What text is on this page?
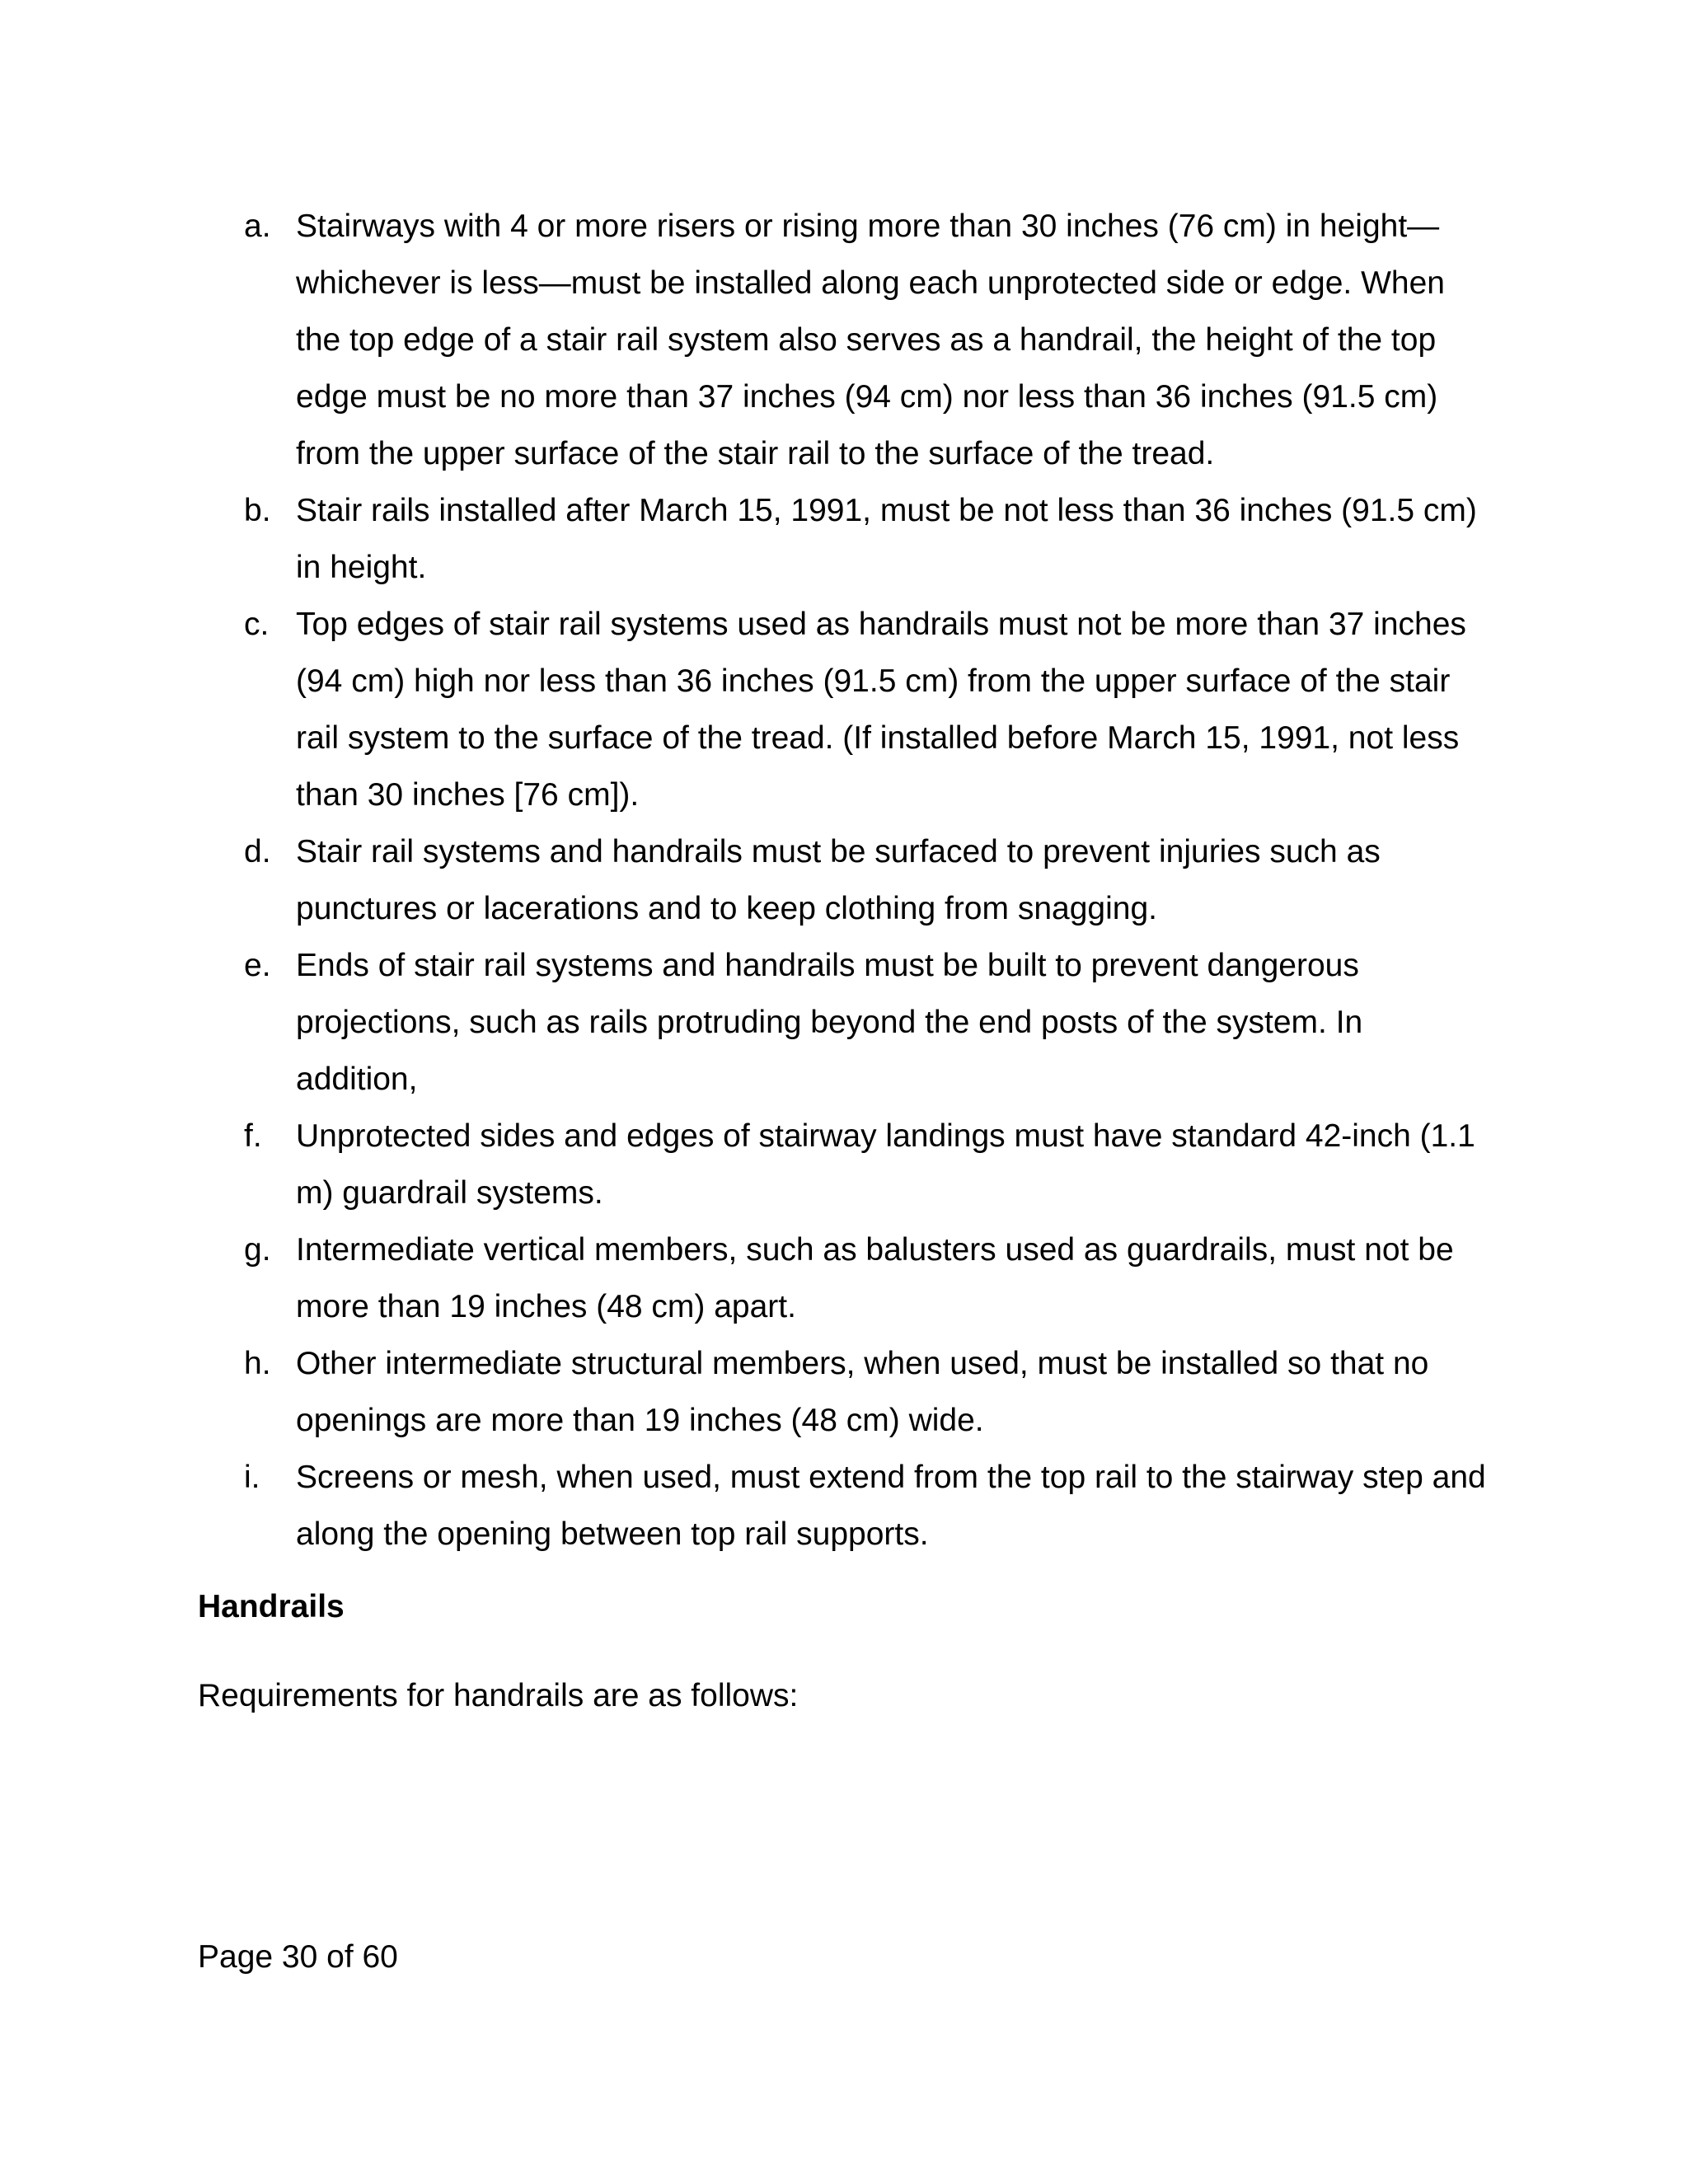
a. Stairways with 4 or more risers or rising more than 30 inches (76 cm) in height—whichever is less—must be installed along each unprotected side or edge. When the top edge of a stair rail system also serves as a handrail, the height of the top edge must be no more than 37 inches (94 cm) nor less than 36 inches (91.5 cm) from the upper surface of the stair rail to the surface of the tread.
b. Stair rails installed after March 15, 1991, must be not less than 36 inches (91.5 cm) in height.
c. Top edges of stair rail systems used as handrails must not be more than 37 inches (94 cm) high nor less than 36 inches (91.5 cm) from the upper surface of the stair rail system to the surface of the tread. (If installed before March 15, 1991, not less than 30 inches [76 cm]).
d. Stair rail systems and handrails must be surfaced to prevent injuries such as punctures or lacerations and to keep clothing from snagging.
e. Ends of stair rail systems and handrails must be built to prevent dangerous projections, such as rails protruding beyond the end posts of the system. In addition,
f. Unprotected sides and edges of stairway landings must have standard 42-inch (1.1 m) guardrail systems.
g. Intermediate vertical members, such as balusters used as guardrails, must not be more than 19 inches (48 cm) apart.
h. Other intermediate structural members, when used, must be installed so that no openings are more than 19 inches (48 cm) wide.
i. Screens or mesh, when used, must extend from the top rail to the stairway step and along the opening between top rail supports.
Handrails

Requirements for handrails are as follows:

Page 30 of 60
